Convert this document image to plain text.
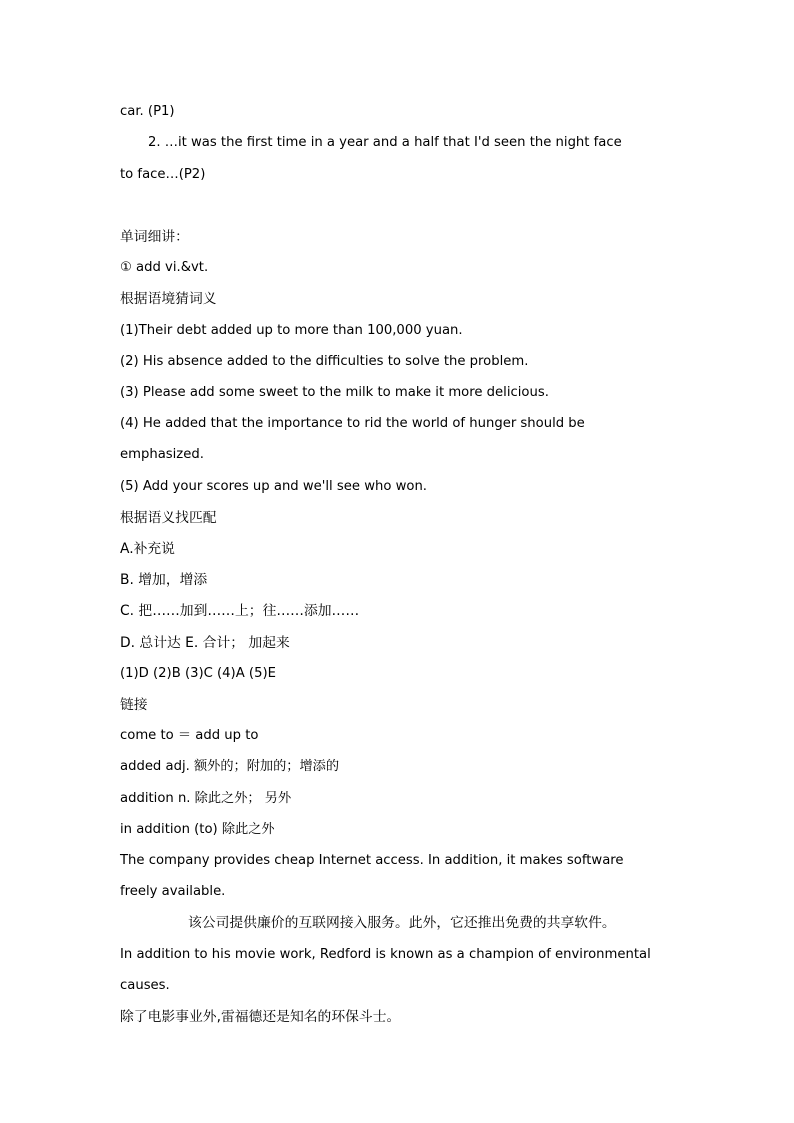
car. (P1)
2. …it was the first time in a year and a half that I'd seen the night face
to face…(P2)
单词细讲：
① add vi.&vt.
根据语境猜词义
(1)Their debt added up to more than 100,000 yuan.
(2) His absence added to the difficulties to solve the problem.
(3) Please add some sweet to the milk to make it more delicious.
(4) He added that the importance to rid the world of hunger should be
emphasized.
(5) Add your scores up and we'll see who won.
根据语义找匹配
A.补充说
B. 增加，增添
C. 把……加到……上；往……添加……
D. 总计达 E. 合计； 加起来
(1)D (2)B (3)C (4)A (5)E
链接
come to ＝ add up to
added adj. 额外的；附加的；增添的
addition n. 除此之外； 另外
in addition (to) 除此之外
The company provides cheap Internet access. In addition, it makes software
freely available.
该公司提供廉价的互联网接入服务。此外，它还推出免费的共享软件。
In addition to his movie work, Redford is known as a champion of environmental
causes.
除了电影事业外,雷福德还是知名的环保斗士。
